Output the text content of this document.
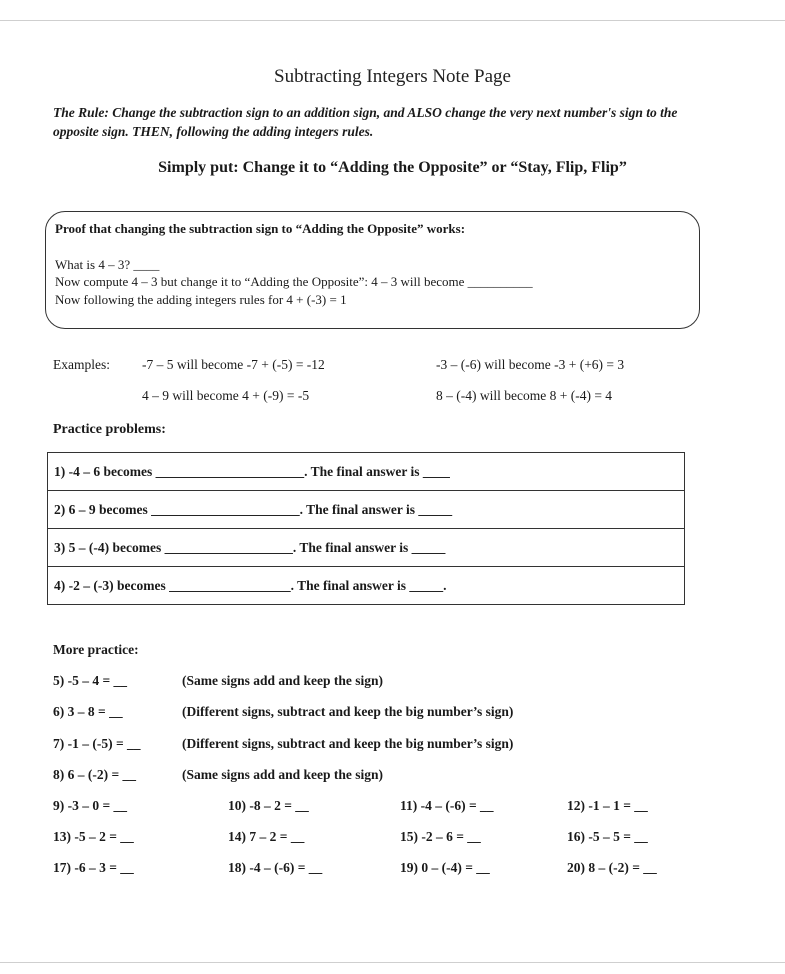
Subtracting Integers Note Page
The Rule: Change the subtraction sign to an addition sign, and ALSO change the very next number's sign to the opposite sign. THEN, following the adding integers rules.
Simply put: Change it to “Adding the Opposite” or “Stay, Flip, Flip”
Proof that changing the subtraction sign to “Adding the Opposite” works:
What is 4 – 3? ____
Now compute 4 – 3 but change it to “Adding the Opposite”: 4 – 3 will become __________
Now following the adding integers rules for 4 + (-3) = 1
Examples: -7 – 5 will become -7 + (-5) = -12	-3 – (-6) will become -3 + (+6) = 3
4 – 9 will become 4 + (-9) = -5	8 – (-4) will become 8 + (-4) = 4
Practice problems:
1) -4 – 6 becomes ______________________. The final answer is ____
2) 6 – 9 becomes ______________________. The final answer is _____
3) 5 – (-4) becomes ___________________. The final answer is _____
4) -2 – (-3) becomes __________________. The final answer is _____.
More practice:
5) -5 – 4 = __	(Same signs add and keep the sign)
6) 3 – 8 = __	(Different signs, subtract and keep the big number’s sign)
7) -1 – (-5) = __	(Different signs, subtract and keep the big number’s sign)
8) 6 – (-2) = __	(Same signs add and keep the sign)
9) -3 – 0 = __	10) -8 – 2 = __	11) -4 – (-6) = __	12) -1 – 1 = __
13) -5 – 2 = __	14) 7 – 2 = __	15) -2 – 6 = __	16) -5 – 5 = __
17) -6 – 3 = __	18) -4 – (-6) = __	19) 0 – (-4) = __	20) 8 – (-2) = __
